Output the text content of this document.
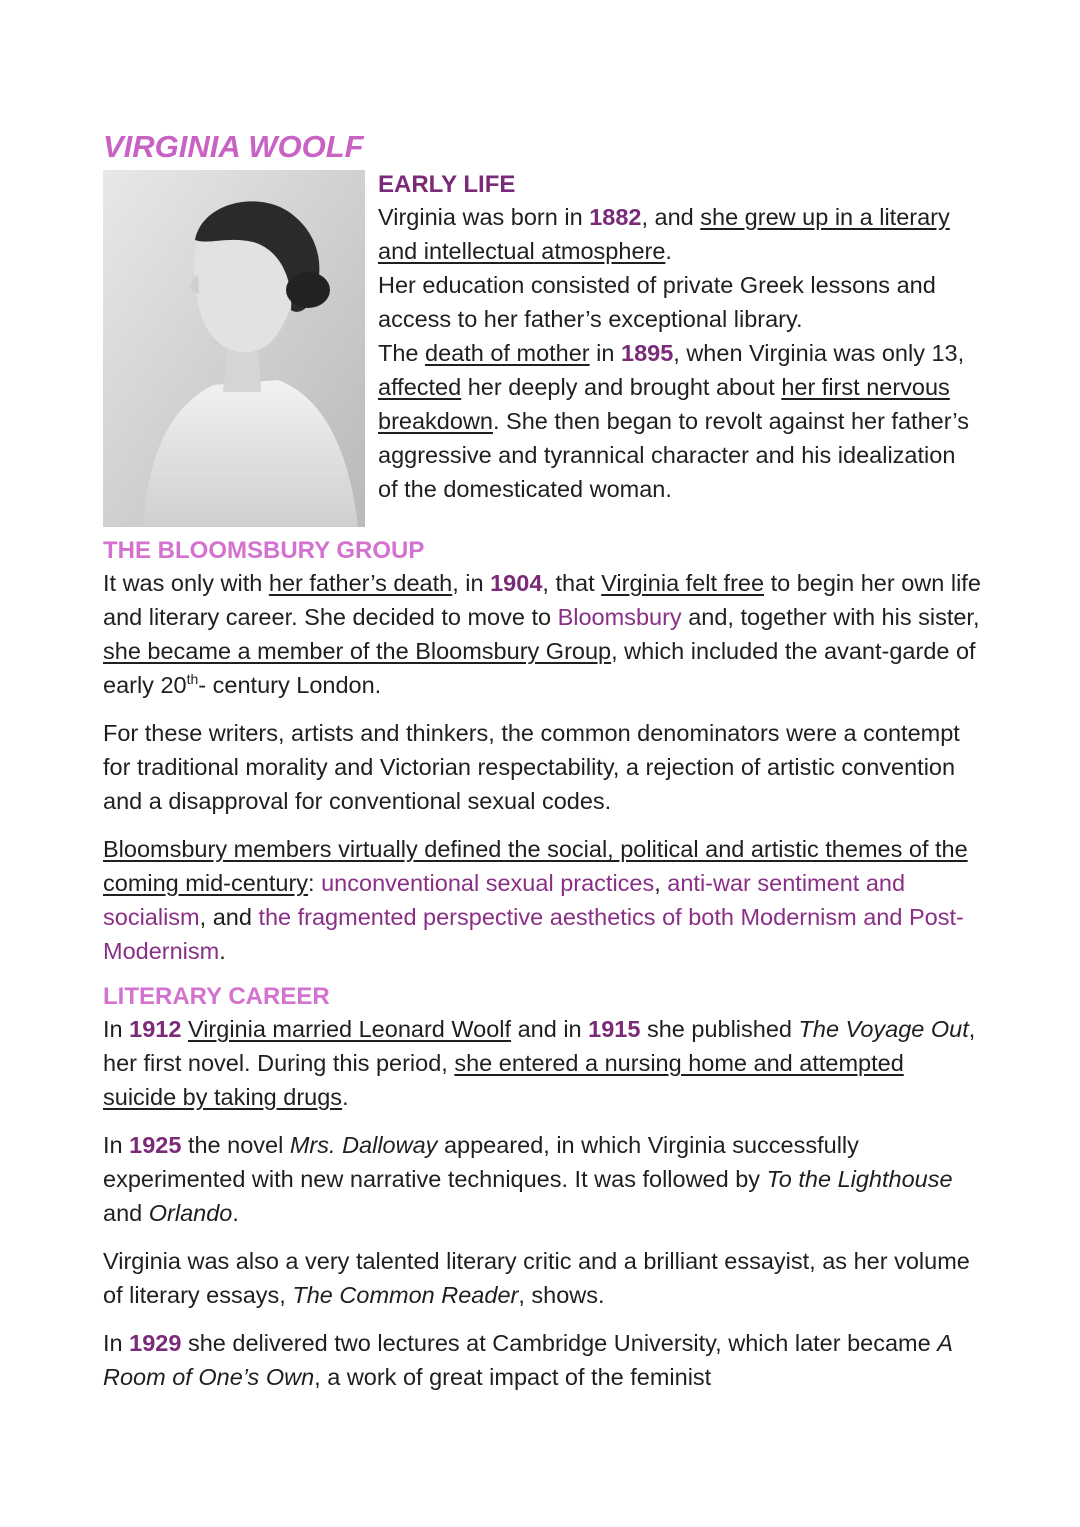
VIRGINIA WOOLF
EARLY LIFE

Virginia was born in 1882, and she grew up in a literary and intellectual atmosphere.

Her education consisted of private Greek lessons and access to her father’s exceptional library.

The death of mother in 1895, when Virginia was only 13, affected her deeply and brought about her first nervous breakdown. She then began to revolt against her father’s aggressive and tyrannical character and his idealization of the domesticated woman.

THE BLOOMSBURY GROUP

It was only with her father’s death, in 1904, that Virginia felt free to begin her own life and literary career. She decided to move to Bloomsbury and, together with his sister, she became a member of the Bloomsbury Group, which included the avant-garde of early 20th- century London.

For these writers, artists and thinkers, the common denominators were a contempt for traditional morality and Victorian respectability, a rejection of artistic convention and a disapproval for conventional sexual codes.

Bloomsbury members virtually defined the social, political and artistic themes of the coming mid-century: unconventional sexual practices, anti-war sentiment and socialism, and the fragmented perspective aesthetics of both Modernism and Post-Modernism.

LITERARY CAREER

In 1912 Virginia married Leonard Woolf and in 1915 she published The Voyage Out, her first novel. During this period, she entered a nursing home and attempted suicide by taking drugs.

In 1925 the novel Mrs. Dalloway appeared, in which Virginia successfully experimented with new narrative techniques. It was followed by To the Lighthouse and Orlando.

Virginia was also a very talented literary critic and a brilliant essayist, as her volume of literary essays, The Common Reader, shows.

In 1929 she delivered two lectures at Cambridge University, which later became A Room of One’s Own, a work of great impact of the feminist
